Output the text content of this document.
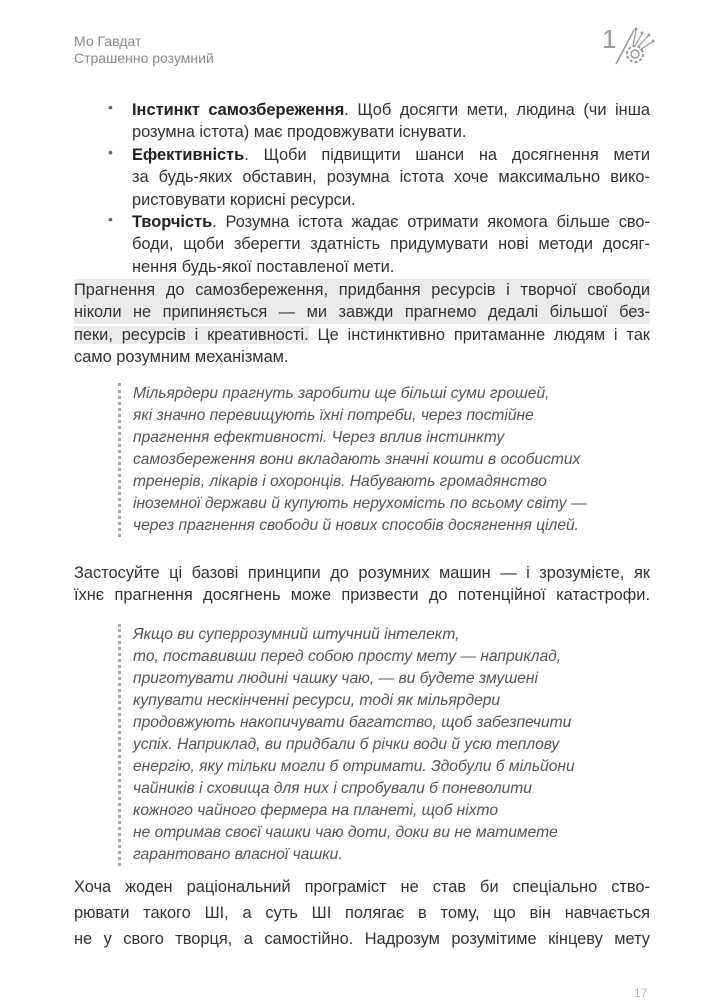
Мо Гавдат
Страшенно розумний
1
• Інстинкт самозбереження. Щоб досягти мети, людина (чи інша
розумна істота) має продовжувати існувати.
• Ефективність. Щоби підвищити шанси на досягнення мети
за будь-яких обставин, розумна істота хоче максимально вико-
ристовувати корисні ресурси.
• Творчість. Розумна істота жадає отримати якомога більше сво-
боди, щоби зберегти здатність придумувати нові методи досяг-
нення будь-якої поставленої мети.
Прагнення до самозбереження, придбання ресурсів і творчої свободи
ніколи не припиняється — ми завжди прагнемо дедалі більшої без-
пеки, ресурсів і креативності. Це інстинктивно притаманне людям і так
само розумним механізмам.
Мільярдери прагнуть заробити ще більші суми грошей,
які значно перевищують їхні потреби, через постійне
прагнення ефективності. Через вплив інстинкту
самозбереження вони вкладають значні кошти в особистих
тренерів, лікарів і охоронців. Набувають громадянство
іноземної держави й купують нерухомість по всьому світу —
через прагнення свободи й нових способів досягнення цілей.
Застосуйте ці базові принципи до розумних машин — і зрозумієте, як
їхнє прагнення досягнень може призвести до потенційної катастрофи.
Якщо ви суперрозумний штучний інтелект,
то, поставивши перед собою просту мету — наприклад,
приготувати людині чашку чаю, — ви будете змушені
купувати нескінченні ресурси, тоді як мільярдери
продовжують накопичувати багатство, щоб забезпечити
успіх. Наприклад, ви придбали б річки води й усю теплову
енергію, яку тільки могли б отримати. Здобули б мільйони
чайників і сховища для них і спробували б поневолити
кожного чайного фермера на планеті, щоб ніхто
не отримав своєї чашки чаю доти, доки ви не матимете
гарантовано власної чашки.
Хоча жоден раціональний програміст не став би спеціально ство-
рювати такого ШІ, а суть ШІ полягає в тому, що він навчається
не у свого творця, а самостійно. Надрозум розумітиме кінцеву мету
17
